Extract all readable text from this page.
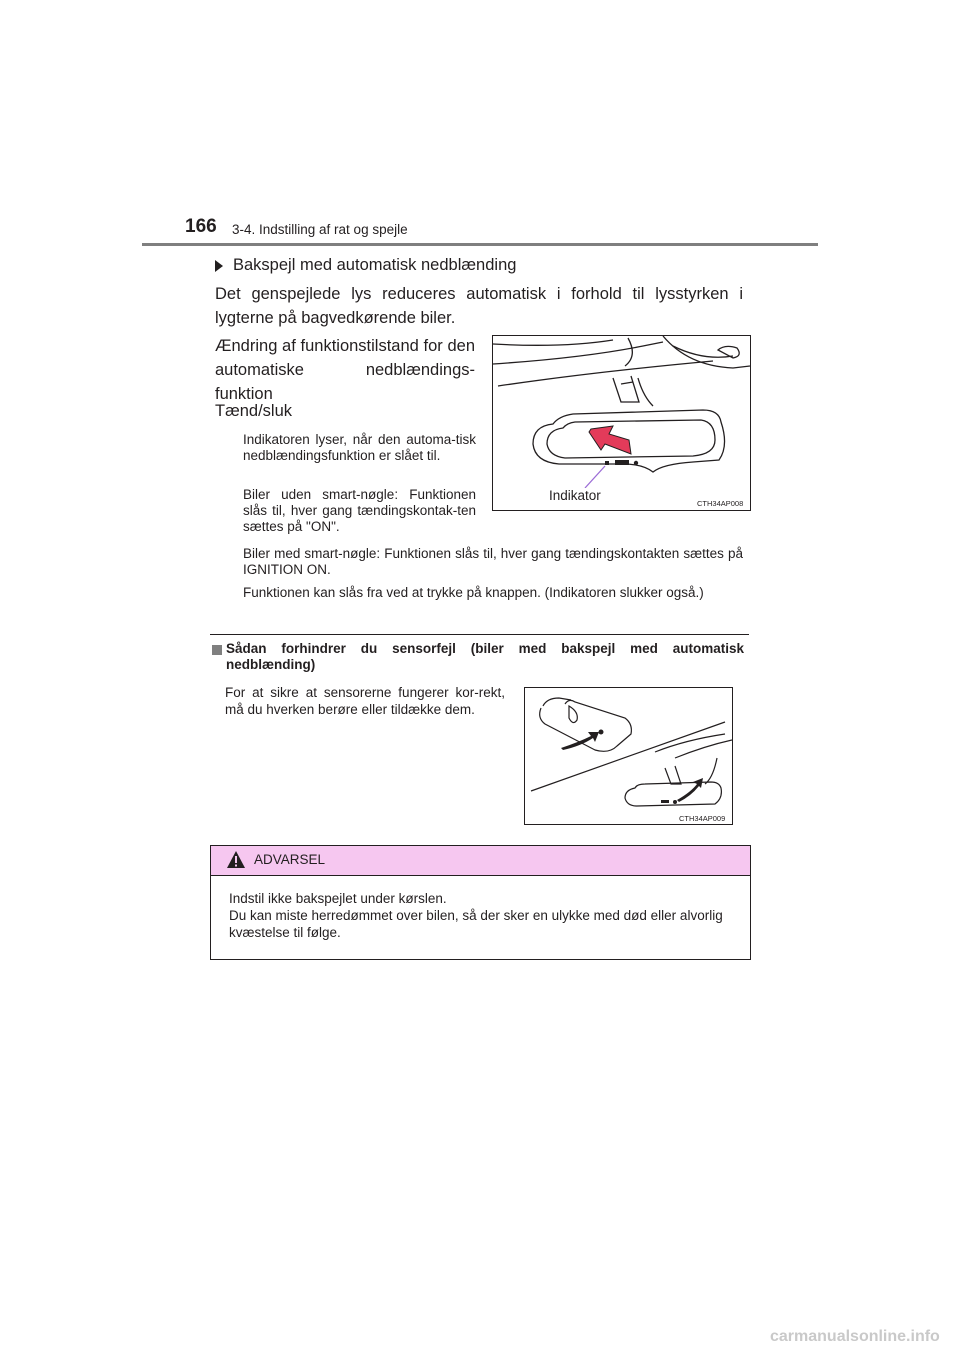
166 3-4. Indstilling af rat og spejle
Bakspejl med automatisk nedblænding
Det genspejlede lys reduceres automatisk i forhold til lysstyrken i lygterne på bagvedkørende biler.
Ændring af funktionstilstand for den automatiske nedblændings-funktion
Tænd/sluk
Indikatoren lyser, når den automa-tisk nedblændingsfunktion er slået til.
Biler uden smart-nøgle: Funktionen slås til, hver gang tændingskontak-ten sættes på "ON".
Biler med smart-nøgle: Funktionen slås til, hver gang tændingskontakten sættes på IGNITION ON.
Funktionen kan slås fra ved at trykke på knappen. (Indikatoren slukker også.)
Indikator
CTH34AP008
Sådan forhindrer du sensorfejl (biler med bakspejl med automatisk nedblænding)
For at sikre at sensorerne fungerer kor-rekt, må du hverken berøre eller tildække dem.
CTH34AP009
ADVARSEL
Indstil ikke bakspejlet under kørslen.
Du kan miste herredømmet over bilen, så der sker en ulykke med død eller alvorlig kvæstelse til følge.
carmanualsonline.info
